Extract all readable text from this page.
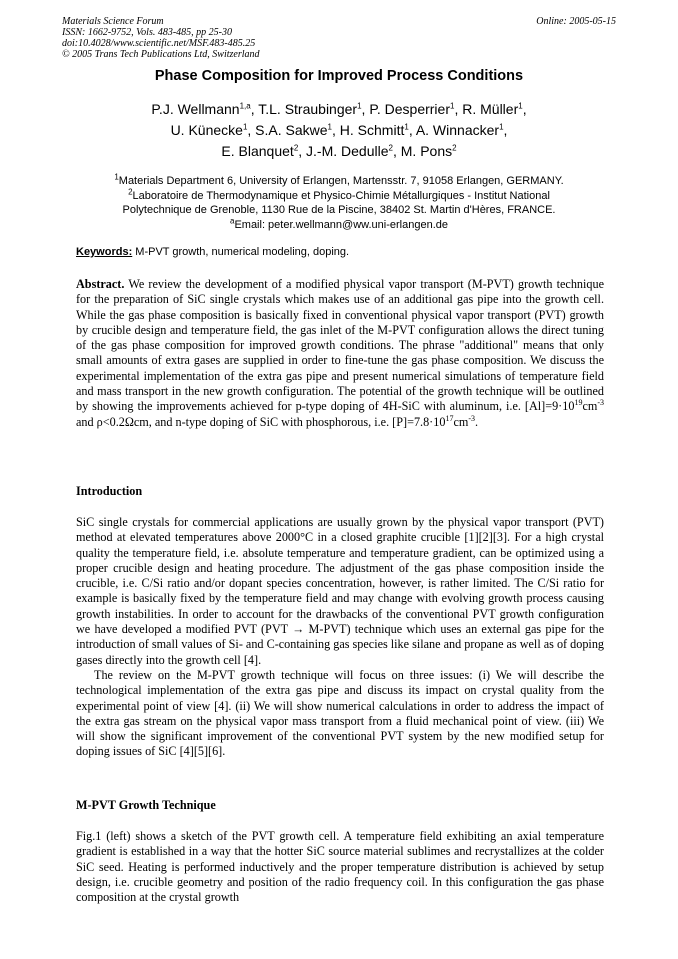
Materials Science Forum
ISSN: 1662-9752, Vols. 483-485, pp 25-30
doi:10.4028/www.scientific.net/MSF.483-485.25
© 2005 Trans Tech Publications Ltd, Switzerland
Online: 2005-05-15
Phase Composition for Improved Process Conditions
P.J. Wellmann$^{1,a}$, T.L. Straubinger$^1$, P. Desperrier$^1$, R. Müller$^1$,
U. Künecke$^1$, S.A. Sakwe$^1$, H. Schmitt$^1$, A. Winnacker$^1$,
E. Blanquet$^2$, J.-M. Dedulle$^2$, M. Pons$^2$
$^1$Materials Department 6, University of Erlangen, Martensstr. 7, 91058 Erlangen, GERMANY.
$^2$Laboratoire de Thermodynamique et Physico-Chimie Métallurgiques - Institut National
Polytechnique de Grenoble, 1130 Rue de la Piscine, 38402 St. Martin d'Hères, FRANCE.
$^a$Email: peter.wellmann@ww.uni-erlangen.de
Keywords: M-PVT growth, numerical modeling, doping.

Abstract. We review the development of a modified physical vapor transport (M-PVT) growth technique for the preparation of SiC single crystals which makes use of an additional gas pipe into the growth cell. While the gas phase composition is basically fixed in conventional physical vapor transport (PVT) growth by crucible design and temperature field, the gas inlet of the M-PVT configuration allows the direct tuning of the gas phase composition for improved growth conditions. The phrase "additional" means that only small amounts of extra gases are supplied in order to fine-tune the gas phase composition. We discuss the experimental implementation of the extra gas pipe and present numerical simulations of temperature field and mass transport in the new growth configuration. The potential of the growth technique will be outlined by showing the improvements achieved for p-type doping of 4H-SiC with aluminum, i.e. $[Al]=9\cdot 10^{19}cm^{-3}$ and ρ<0.2Ωcm, and n-type doping of SiC with phosphorous, i.e. $[P]=7.8\cdot 10^{17}cm^{-3}$.

Introduction

SiC single crystals for commercial applications are usually grown by the physical vapor transport (PVT) method at elevated temperatures above 2000°C in a closed graphite crucible [1][2][3]. For a high crystal quality the temperature field, i.e. absolute temperature and temperature gradient, can be optimized using a proper crucible design and heating procedure. The adjustment of the gas phase composition inside the crucible, i.e. C/Si ratio and/or dopant species concentration, however, is rather limited. The C/Si ratio for example is basically fixed by the temperature field and may change with evolving growth process causing growth instabilities. In order to account for the drawbacks of the conventional PVT growth configuration we have developed a modified PVT (PVT → M-PVT) technique which uses an external gas pipe for the introduction of small values of Si- and C-containing gas species like silane and propane as well as of doping gases directly into the growth cell [4].

The review on the M-PVT growth technique will focus on three issues: (i) We will describe the technological implementation of the extra gas pipe and discuss its impact on crystal quality from the experimental point of view [4]. (ii) We will show numerical calculations in order to address the impact of the extra gas stream on the physical vapor mass transport from a fluid mechanical point of view. (iii) We will show the significant improvement of the conventional PVT system by the new modified setup for doping issues of SiC [4][5][6].

M-PVT Growth Technique

Fig.1 (left) shows a sketch of the PVT growth cell. A temperature field exhibiting an axial temperature gradient is established in a way that the hotter SiC source material sublimes and recrystallizes at the colder SiC seed. Heating is performed inductively and the proper temperature distribution is achieved by setup design, i.e. crucible geometry and position of the radio frequency coil. In this configuration the gas phase composition at the crystal growth
